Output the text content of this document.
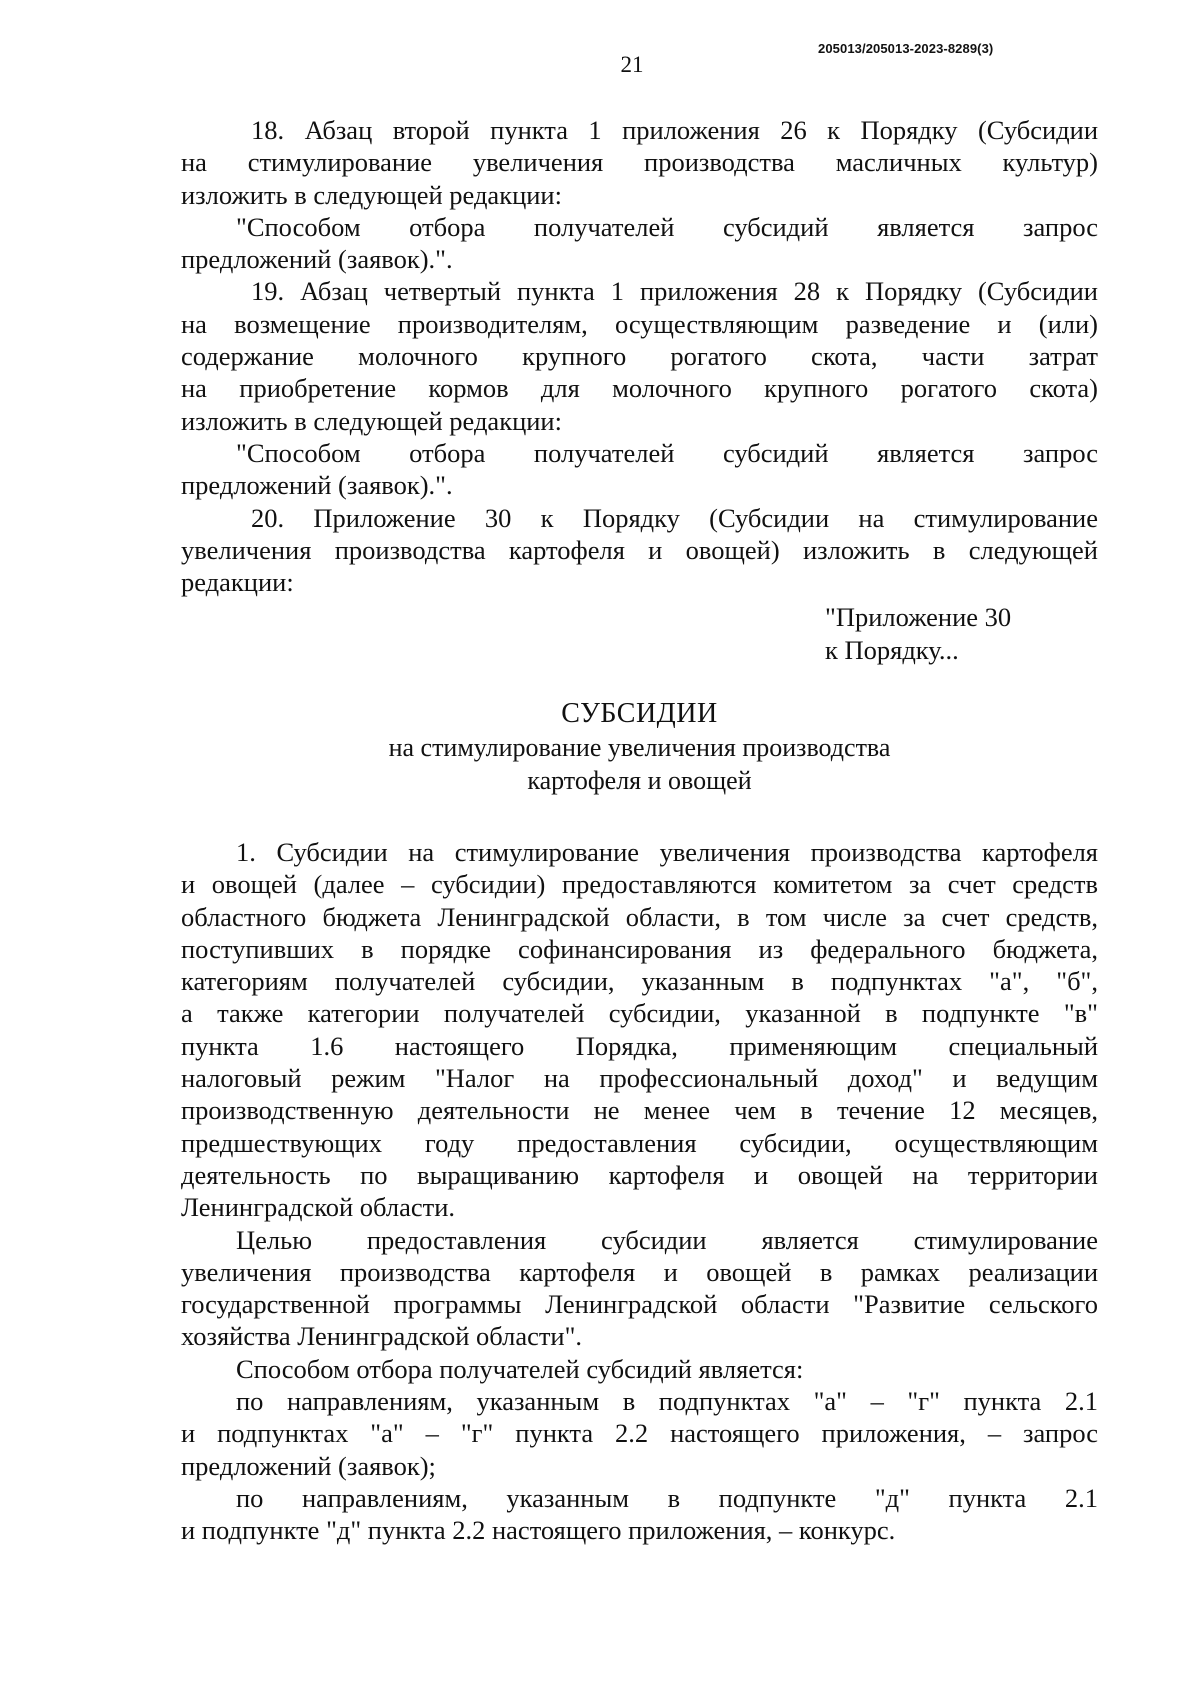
205013/205013-2023-8289(3)
21

18. Абзац второй пункта 1 приложения 26 к Порядку (Субсидии

на стимулирование увеличения производства масличных культур)

изложить в следующей редакции:

"Способом отбора получателей субсидий является запрос

предложений (заявок).".

19. Абзац четвертый пункта 1 приложения 28 к Порядку (Субсидии

на возмещение производителям, осуществляющим разведение и (или)

содержание молочного крупного рогатого скота, части затрат

на приобретение кормов для молочного крупного рогатого скота)

изложить в следующей редакции:

"Способом отбора получателей субсидий является запрос

предложений (заявок).".

20. Приложение 30 к Порядку (Субсидии на стимулирование

увеличения производства картофеля и овощей) изложить в следующей

редакции:

"Приложение 30
к Порядку...
СУБСИДИИ
на стимулирование увеличения производства
картофеля и овощей

1. Субсидии на стимулирование увеличения производства картофеля

и овощей (далее – субсидии) предоставляются комитетом за счет средств

областного бюджета Ленинградской области, в том числе за счет средств,

поступивших в порядке софинансирования из федерального бюджета,

категориям получателей субсидии, указанным в подпунктах "а", "б",

а также категории получателей субсидии, указанной в подпункте "в"

пункта 1.6 настоящего Порядка, применяющим специальный

налоговый режим "Налог на профессиональный доход" и ведущим

производственную деятельности не менее чем в течение 12 месяцев,

предшествующих году предоставления субсидии, осуществляющим

деятельность по выращиванию картофеля и овощей на территории

Ленинградской области.

Целью предоставления субсидии является стимулирование

увеличения производства картофеля и овощей в рамках реализации

государственной программы Ленинградской области "Развитие сельского

хозяйства Ленинградской области".

Способом отбора получателей субсидий является:

по направлениям, указанным в подпунктах "а" – "г" пункта 2.1

и подпунктах "а" – "г" пункта 2.2 настоящего приложения, – запрос

предложений (заявок);

по направлениям, указанным в подпункте "д" пункта 2.1

и подпункте "д" пункта 2.2 настоящего приложения, – конкурс.
